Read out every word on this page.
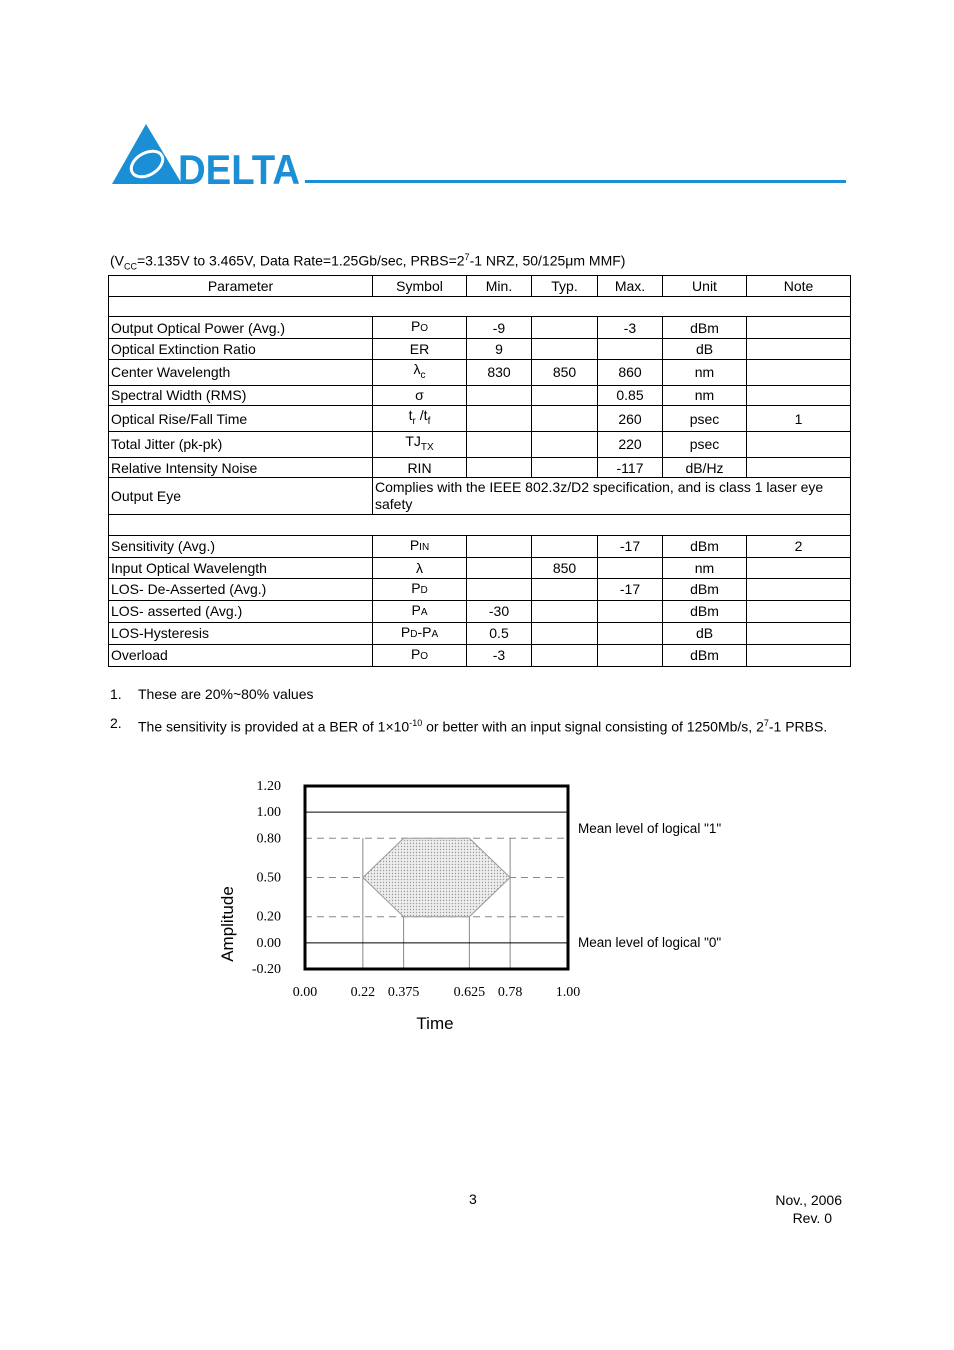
DELTA
($V_{CC}=3.135V$ to 3.465V, Data Rate=1.25Gb/sec, $PRBS=2^7-1$ NRZ, 50/125μm MMF)
Parameter	Symbol	Min.	Typ.	Max.	Unit	Note

Output Optical Power (Avg.)	PO	-9		-3	dBm	
Optical Extinction Ratio	ER	9			dB	
Center Wavelength	$\lambda_c$	830	850	860	nm	
Spectral Width (RMS)	σ			0.85	nm	
Optical Rise/Fall Time	$t_r$ $/t_f$			260	psec	1
Total Jitter (pk-pk)	$TJ_{TX}$			220	psec	
Relative Intensity Noise	RIN			-117	dB/Hz	
Output Eye	Complies with the IEEE 802.3z/D2 specification, and is class 1 laser eye safety					

Sensitivity (Avg.)	PIN			-17	dBm	2
Input Optical Wavelength	λ		850		nm	
LOS- De-Asserted (Avg.)	PD			-17	dBm	
LOS- asserted (Avg.)	PA	-30			dBm	
LOS-Hysteresis	PD-PA	0.5			dB	
Overload	PO	-3			dBm	
1.	These are 20%~80% values
2.	The sensitivity is provided at a BER of $1\times 10^{-10}$ or better with an input signal consisting of 1250Mb/s, $2^7-1$ PRBS.
1.20
1.00
0.80
0.50
0.20
0.00
-0.20
0.00 0.22 0.375 0.625 0.78 1.00
Mean level of logical "1"
Mean level of logical "0"
Amplitude
Time
3	Nov., 2006
Rev. 0
